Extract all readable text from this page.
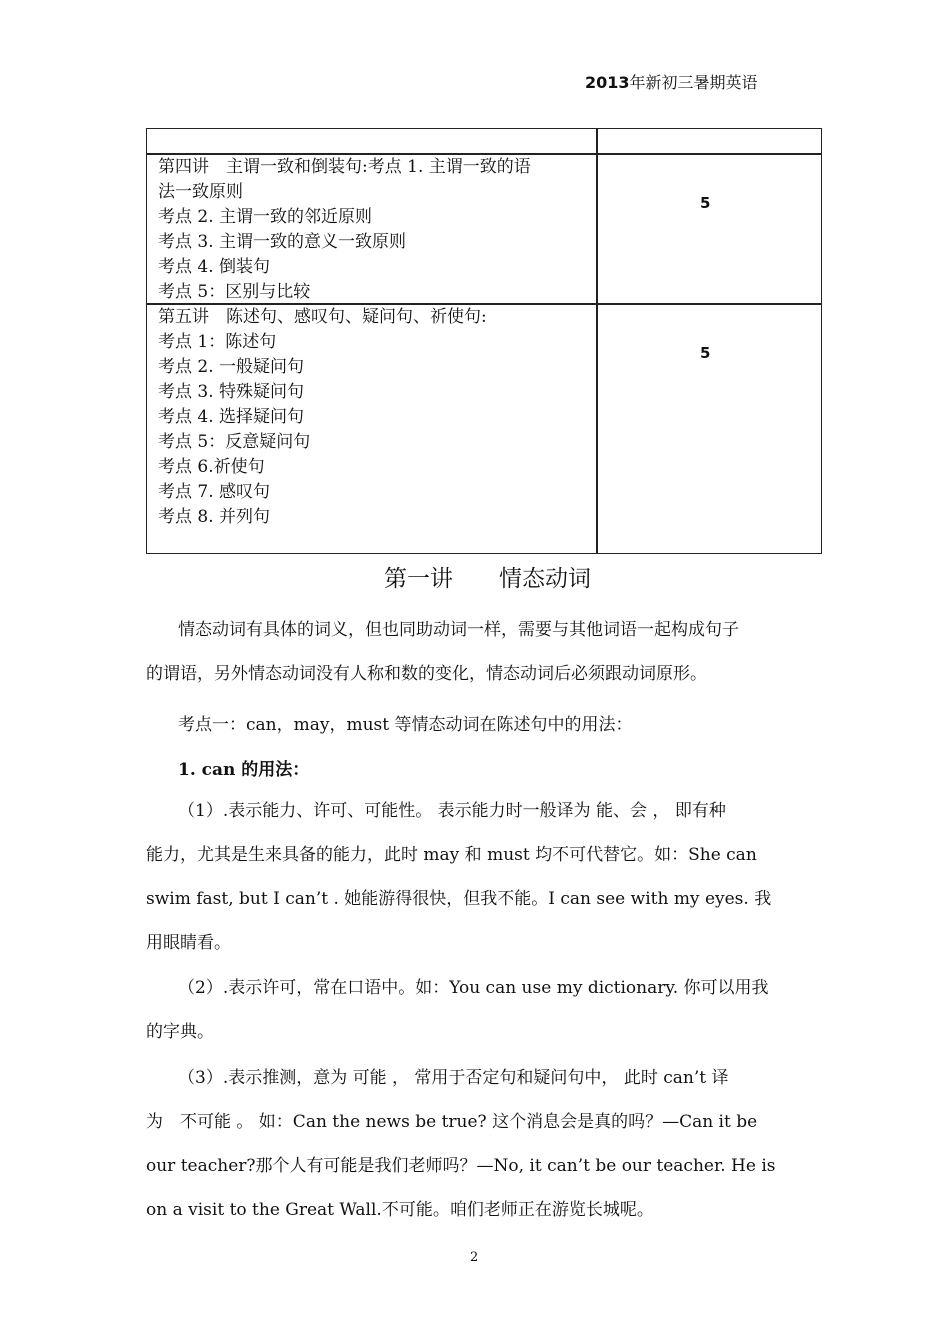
2013年新初三暑期英语
第四讲　主谓一致和倒装句:考点 1. 主谓一致的语
法一致原则
考点 2. 主谓一致的邻近原则
考点 3. 主谓一致的意义一致原则
考点 4. 倒装句
考点 5：区别与比较
5
第五讲　陈述句、感叹句、疑问句、祈使句:
考点 1：陈述句
考点 2. 一般疑问句
考点 3. 特殊疑问句
考点 4. 选择疑问句
考点 5：反意疑问句
考点 6.祈使句
考点 7. 感叹句
考点 8. 并列句
5
第一讲　　情态动词
情态动词有具体的词义，但也同助动词一样，需要与其他词语一起构成句子
的谓语，另外情态动词没有人称和数的变化，情态动词后必须跟动词原形。
考点一：can，may，must 等情态动词在陈述句中的用法：
1. can 的用法：
（1）.表示能力、许可、可能性。 表示能力时一般译为 能、会 ， 即有种
能力，尤其是生来具备的能力，此时 may 和 must 均不可代替它。如：She can
swim fast, but I can’t . 她能游得很快，但我不能。I can see with my eyes. 我
用眼睛看。
（2）.表示许可，常在口语中。如：You can use my dictionary. 你可以用我
的字典。
（3）.表示推测，意为 可能 ， 常用于否定句和疑问句中， 此时 can’t 译
为　不可能 。 如：Can the news be true? 这个消息会是真的吗？—Can it be
our teacher?那个人有可能是我们老师吗？—No, it can’t be our teacher. He is
on a visit to the Great Wall.不可能。咱们老师正在游览长城呢。
2
